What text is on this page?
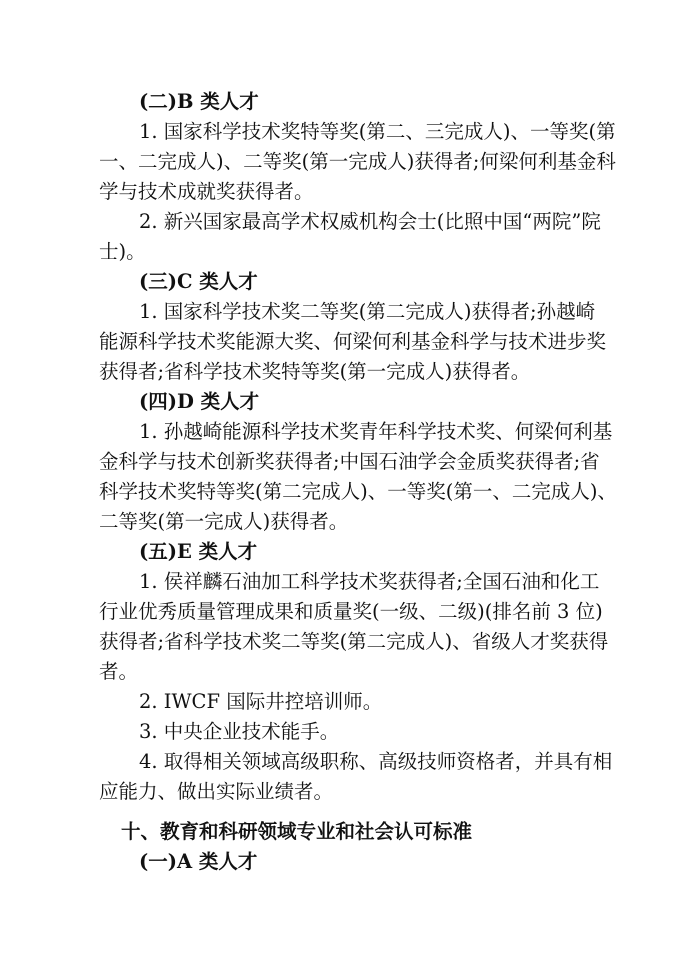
(二)B 类人才
1. 国家科学技术奖特等奖(第二、三完成人)、一等奖(第
一、二完成人)、二等奖(第一完成人)获得者;何梁何利基金科
学与技术成就奖获得者。
2. 新兴国家最高学术权威机构会士(比照中国“两院”院
士)。
(三)C 类人才
1. 国家科学技术奖二等奖(第二完成人)获得者;孙越崎
能源科学技术奖能源大奖、何梁何利基金科学与技术进步奖
获得者;省科学技术奖特等奖(第一完成人)获得者。
(四)D 类人才
1. 孙越崎能源科学技术奖青年科学技术奖、何梁何利基
金科学与技术创新奖获得者;中国石油学会金质奖获得者;省
科学技术奖特等奖(第二完成人)、一等奖(第一、二完成人)、
二等奖(第一完成人)获得者。
(五)E 类人才
1. 侯祥麟石油加工科学技术奖获得者;全国石油和化工
行业优秀质量管理成果和质量奖(一级、二级)(排名前 3 位)
获得者;省科学技术奖二等奖(第二完成人)、省级人才奖获得
者。
2. IWCF 国际井控培训师。
3. 中央企业技术能手。
4. 取得相关领域高级职称、高级技师资格者，并具有相
应能力、做出实际业绩者。
十、教育和科研领域专业和社会认可标准
(一)A 类人才
